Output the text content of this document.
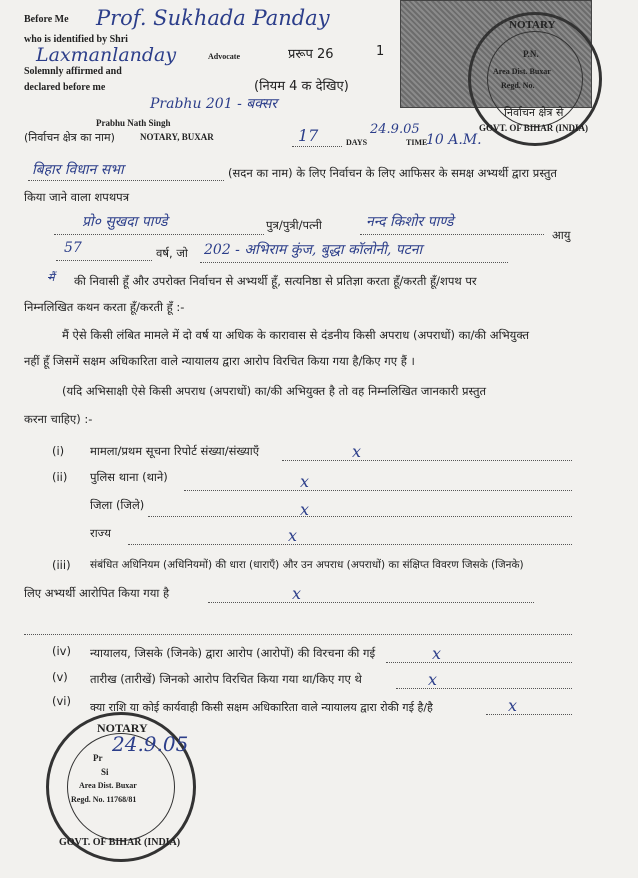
NOTARY
P.N.
Area Dist. Buxar
Regd. No.
GOVT. OF BIHAR (INDIA)
Before Me
who is identified by Shri
Advocate
Solemnly affirmed and
declared before me
Prabhu Nath Singh
NOTARY, BUXAR
Prof. Sukhada Panday
Laxmanlanday
Prabhu 201 - बक्सर
प्ररूप 26	1
(नियम 4 क देखिए)
निर्वाचन क्षेत्र से
(निर्वाचन क्षेत्र का नाम)	17	DAYS
24.9.05
TIME
10 A.M.
बिहार विधान सभा	(सदन का नाम) के लिए निर्वाचन के लिए आफिसर के समक्ष अभ्यर्थी द्वारा प्रस्तुत
किया जाने वाला शपथपत्र
प्रो० सुखदा पाण्डे	पुत्र/पुत्री/पत्नी	नन्द किशोर पाण्डे
आयु
57	वर्ष, जो 202 - अभिराम कुंज, बुद्धा कॉलोनी, पटना
मैं की निवासी हूँ और उपरोक्त निर्वाचन से अभ्यर्थी हूँ, सत्यनिष्ठा से प्रतिज्ञा करता हूँ/करती हूँ/शपथ पर
निम्नलिखित कथन करता हूँ/करती हूँ :-
मैं ऐसे किसी लंबित मामले में दो वर्ष या अधिक के कारावास से दंडनीय किसी अपराध (अपराधों) का/की अभियुक्त
नहीं हूँ जिसमें सक्षम अधिकारिता वाले न्यायालय द्वारा आरोप विरचित किया गया है/किए गए हैं ।
(यदि अभिसाक्षी ऐसे किसी अपराध (अपराधों) का/की अभियुक्त है तो वह निम्नलिखित जानकारी प्रस्तुत
करना चाहिए) :-
(i) मामला/प्रथम सूचना रिपोर्ट संख्या/संख्याएँ	x
(ii) पुलिस थाना (थाने)	x
जिला (जिले)	x
राज्य	x
(iii) संबंधित अधिनियम (अधिनियमों) की धारा (धाराएँ) और उन अपराध (अपराधों) का संक्षिप्त विवरण जिसके (जिनके)
लिए अभ्यर्थी आरोपित किया गया है	x
(iv) न्यायालय, जिसके (जिनके) द्वारा आरोप (आरोपों) की विरचना की गई	x
(v) तारीख (तारीखें) जिनको आरोप विरचित किया गया था/किए गए थे	x
(vi) क्या राशि या कोई कार्यवाही किसी सक्षम अधिकारिता वाले न्यायालय द्वारा रोकी गई है/है	x
NOTARY
Pr
Si
Area Dist. Buxar
Regd. No. 11768/81
GOVT. OF BIHAR (INDIA)
24.9.05
